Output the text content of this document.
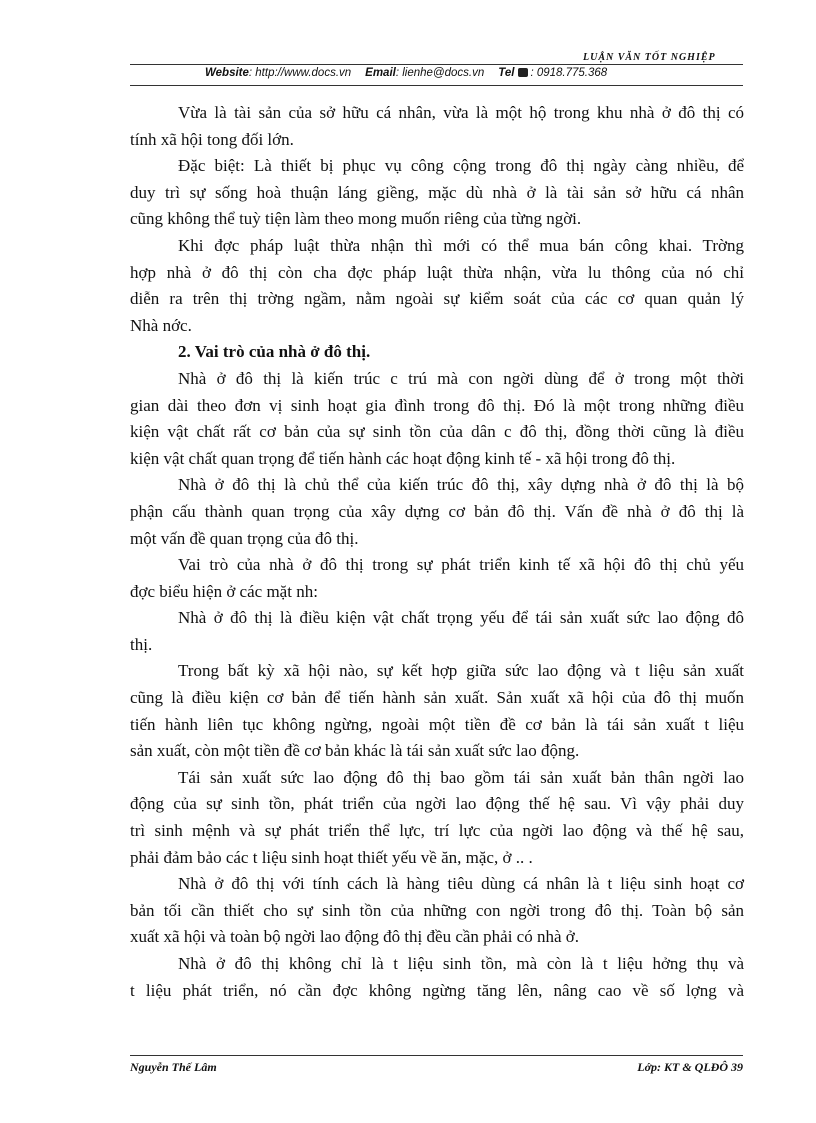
LUẬN VĂN TỐT NGHIỆP
Website: http://www.docs.vn Email: lienhe@docs.vn Tel : 0918.775.368
Vừa là tài sản của sở hữu cá nhân, vừa là một hộ trong khu nhà ở đô thị có
tính xã hội tong đối lớn.
Đặc biệt: Là thiết bị phục vụ công cộng trong đô thị ngày càng nhiều, để
duy trì sự sống hoà thuận láng giềng, mặc dù nhà ở là tài sản sở hữu cá nhân
cũng không thể tuỳ tiện làm theo mong muốn riêng của từng ngời.
Khi đợc pháp luật thừa nhận thì mới có thể mua bán công khai. Trờng
hợp nhà ở đô thị còn cha đợc pháp luật thừa nhận, vừa lu thông của nó chỉ
diễn ra trên thị trờng ngầm, nằm ngoài sự kiểm soát của các cơ quan quản lý
Nhà nớc.
2. Vai trò của nhà ở đô thị.
Nhà ở đô thị là kiến trúc c trú mà con ngời dùng để ở trong một thời
gian dài theo đơn vị sinh hoạt gia đình trong đô thị. Đó là một trong những điều
kiện vật chất rất cơ bản của sự sinh tồn của dân c đô thị, đồng thời cũng là điều
kiện vật chất quan trọng để tiến hành các hoạt động kinh tế - xã hội trong đô thị.
Nhà ở đô thị là chủ thể của kiến trúc đô thị, xây dựng nhà ở đô thị là bộ
phận cấu thành quan trọng của xây dựng cơ bản đô thị. Vấn đề nhà ở đô thị là
một vấn đề quan trọng của đô thị.
Vai trò của nhà ở đô thị trong sự phát triển kinh tế xã hội đô thị chủ yếu
đợc biểu hiện ở các mặt nh:
Nhà ở đô thị là điều kiện vật chất trọng yếu để tái sản xuất sức lao động đô
thị.
Trong bất kỳ xã hội nào, sự kết hợp giữa sức lao động và t liệu sản xuất
cũng là điều kiện cơ bản để tiến hành sản xuất. Sản xuất xã hội của đô thị muốn
tiến hành liên tục không ngừng, ngoài một tiền đề cơ bản là tái sản xuất t liệu
sản xuất, còn một tiền đề cơ bản khác là tái sản xuất sức lao động.
Tái sản xuất sức lao động đô thị bao gồm tái sản xuất bản thân ngời lao
động của sự sinh tồn, phát triển của ngời lao động thế hệ sau. Vì vậy phải duy
trì sinh mệnh và sự phát triển thể lực, trí lực của ngời lao động và thế hệ sau,
phải đảm bảo các t liệu sinh hoạt thiết yếu về ăn, mặc, ở .. .
Nhà ở đô thị với tính cách là hàng tiêu dùng cá nhân là t liệu sinh hoạt cơ
bản tối cần thiết cho sự sinh tồn của những con ngời trong đô thị. Toàn bộ sản
xuất xã hội và toàn bộ ngời lao động đô thị đều cần phải có nhà ở.
Nhà ở đô thị không chỉ là t liệu sinh tồn, mà còn là t liệu hởng thụ và
t liệu phát triển, nó cần đợc không ngừng tăng lên, nâng cao về số lợng và
Nguyễn Thế Lâm	Lớp: KT & QLĐÔ 39
